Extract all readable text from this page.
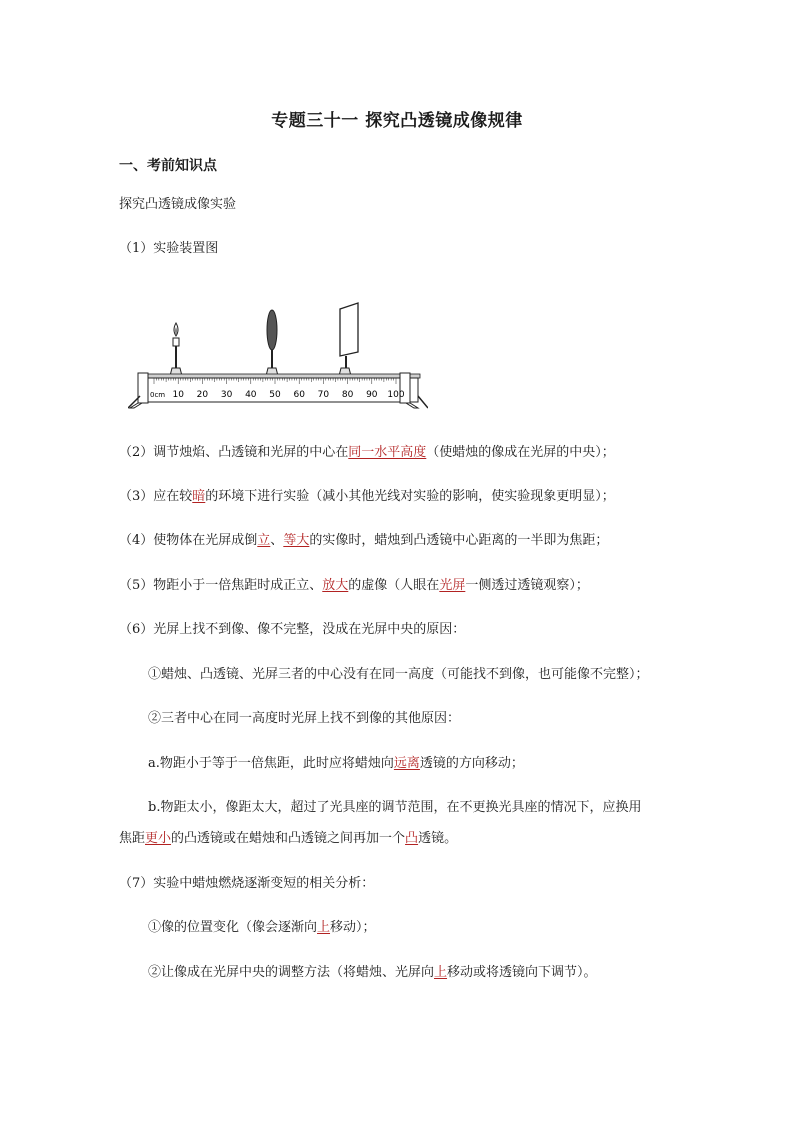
专题三十一 探究凸透镜成像规律
一、考前知识点
探究凸透镜成像实验
（1）实验装置图
10 20 30 40 50 60 70 80 90 100
0cm
（2）调节烛焰、凸透镜和光屏的中心在同一水平高度（使蜡烛的像成在光屏的中央）；
（3）应在较暗的环境下进行实验（减小其他光线对实验的影响，使实验现象更明显）；
（4）使物体在光屏成倒立、等大的实像时，蜡烛到凸透镜中心距离的一半即为焦距；
（5）物距小于一倍焦距时成正立、放大的虚像（人眼在光屏一侧透过透镜观察）；
（6）光屏上找不到像、像不完整，没成在光屏中央的原因：
①蜡烛、凸透镜、光屏三者的中心没有在同一高度（可能找不到像，也可能像不完整）；
②三者中心在同一高度时光屏上找不到像的其他原因：
a.物距小于等于一倍焦距，此时应将蜡烛向远离透镜的方向移动；
b.物距太小，像距太大，超过了光具座的调节范围，在不更换光具座的情况下，应换用
焦距更小的凸透镜或在蜡烛和凸透镜之间再加一个凸透镜。
（7）实验中蜡烛燃烧逐渐变短的相关分析：
①像的位置变化（像会逐渐向上移动）；
②让像成在光屏中央的调整方法（将蜡烛、光屏向上移动或将透镜向下调节）。
